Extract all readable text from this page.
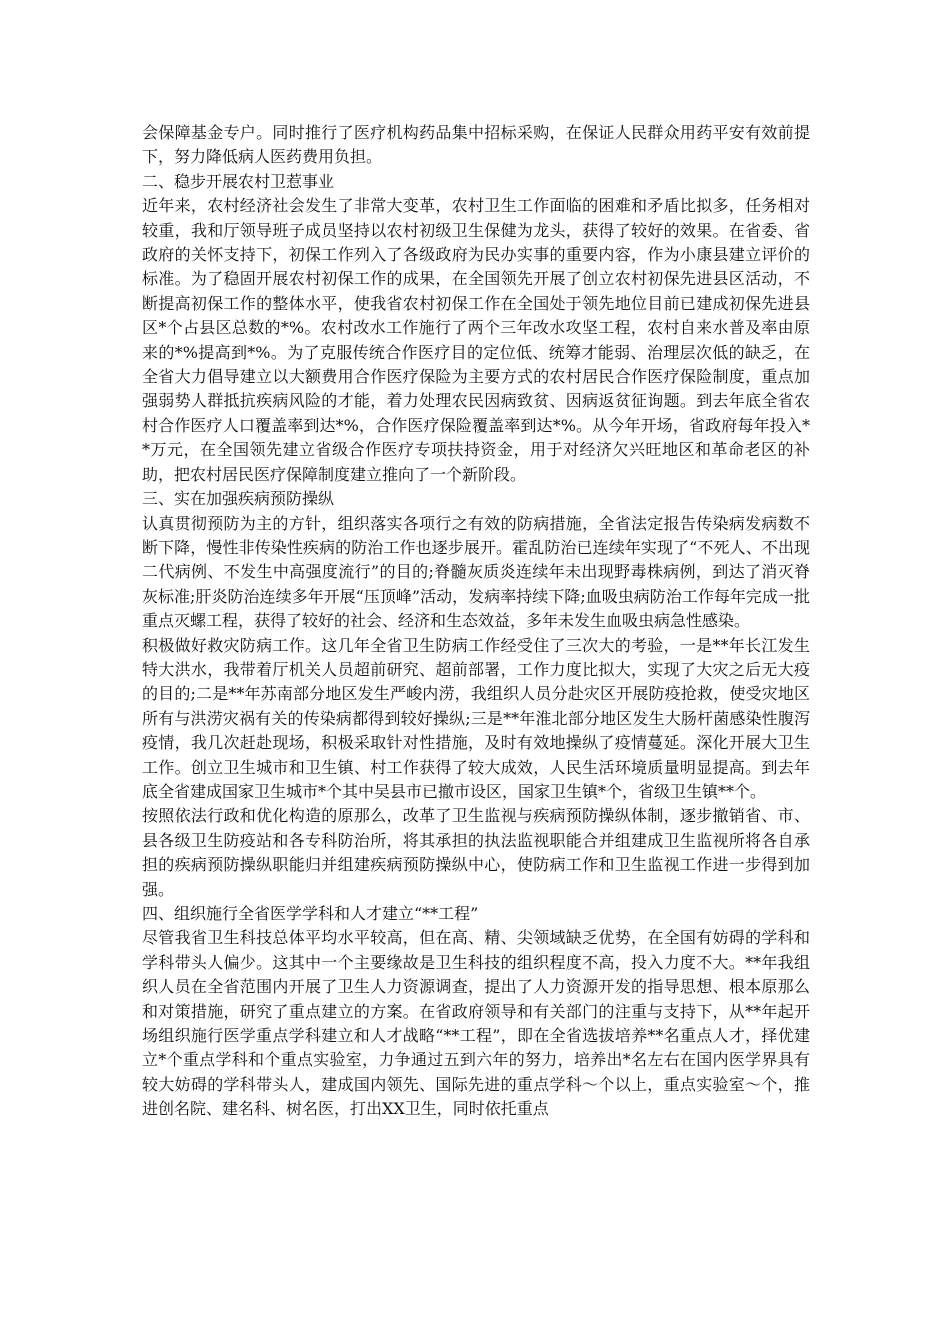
会保障基金专户。同时推行了医疗机构药品集中招标采购，在保证人民群众用药平安有效前提下，努力降低病人医药费用负担。

二、稳步开展农村卫惹事业

近年来，农村经济社会发生了非常大变革，农村卫生工作面临的困难和矛盾比拟多，任务相对较重，我和厅领导班子成员坚持以农村初级卫生保健为龙头，获得了较好的效果。在省委、省政府的关怀支持下，初保工作列入了各级政府为民办实事的重要内容，作为小康县建立评价的标准。为了稳固开展农村初保工作的成果，在全国领先开展了创立农村初保先进县区活动，不断提高初保工作的整体水平，使我省农村初保工作在全国处于领先地位目前已建成初保先进县区*个占县区总数的*%。农村改水工作施行了两个三年改水攻坚工程，农村自来水普及率由原来的*%提高到*%。为了克服传统合作医疗目的定位低、统筹才能弱、治理层次低的缺乏，在全省大力倡导建立以大额费用合作医疗保险为主要方式的农村居民合作医疗保险制度，重点加强弱势人群抵抗疾病风险的才能，着力处理农民因病致贫、因病返贫征询题。到去年底全省农村合作医疗人口覆盖率到达*%，合作医疗保险覆盖率到达*%。从今年开场，省政府每年投入**万元，在全国领先建立省级合作医疗专项扶持资金，用于对经济欠兴旺地区和革命老区的补助，把农村居民医疗保障制度建立推向了一个新阶段。

三、实在加强疾病预防操纵

认真贯彻预防为主的方针，组织落实各项行之有效的防病措施，全省法定报告传染病发病数不断下降，慢性非传染性疾病的防治工作也逐步展开。霍乱防治已连续年实现了“不死人、不出现二代病例、不发生中高强度流行”的目的;脊髓灰质炎连续年未出现野毒株病例，到达了消灭脊灰标准;肝炎防治连续多年开展“压顶峰”活动，发病率持续下降;血吸虫病防治工作每年完成一批重点灭螺工程，获得了较好的社会、经济和生态效益，多年未发生血吸虫病急性感染。

积极做好救灾防病工作。这几年全省卫生防病工作经受住了三次大的考验，一是**年长江发生特大洪水，我带着厅机关人员超前研究、超前部署，工作力度比拟大，实现了大灾之后无大疫的目的;二是**年苏南部分地区发生严峻内涝，我组织人员分赴灾区开展防疫抢救，使受灾地区所有与洪涝灾祸有关的传染病都得到较好操纵;三是**年淮北部分地区发生大肠杆菌感染性腹泻疫情，我几次赶赴现场，积极采取针对性措施，及时有效地操纵了疫情蔓延。深化开展大卫生工作。创立卫生城市和卫生镇、村工作获得了较大成效，人民生活环境质量明显提高。到去年底全省建成国家卫生城市*个其中吴县市已撤市设区，国家卫生镇*个，省级卫生镇**个。

按照依法行政和优化构造的原那么，改革了卫生监视与疾病预防操纵体制，逐步撤销省、市、县各级卫生防疫站和各专科防治所，将其承担的执法监视职能合并组建成卫生监视所将各自承担的疾病预防操纵职能归并组建疾病预防操纵中心，使防病工作和卫生监视工作进一步得到加强。

四、组织施行全省医学学科和人才建立“**工程”

尽管我省卫生科技总体平均水平较高，但在高、精、尖领域缺乏优势，在全国有妨碍的学科和学科带头人偏少。这其中一个主要缘故是卫生科技的组织程度不高，投入力度不大。**年我组织人员在全省范围内开展了卫生人力资源调查，提出了人力资源开发的指导思想、根本原那么和对策措施，研究了重点建立的方案。在省政府领导和有关部门的注重与支持下，从**年起开场组织施行医学重点学科建立和人才战略“**工程”，即在全省选拔培养**名重点人才，择优建立*个重点学科和个重点实验室，力争通过五到六年的努力，培养出*名左右在国内医学界具有较大妨碍的学科带头人，建成国内领先、国际先进的重点学科～个以上，重点实验室～个，推进创名院、建名科、树名医，打出XX卫生，同时依托重点
